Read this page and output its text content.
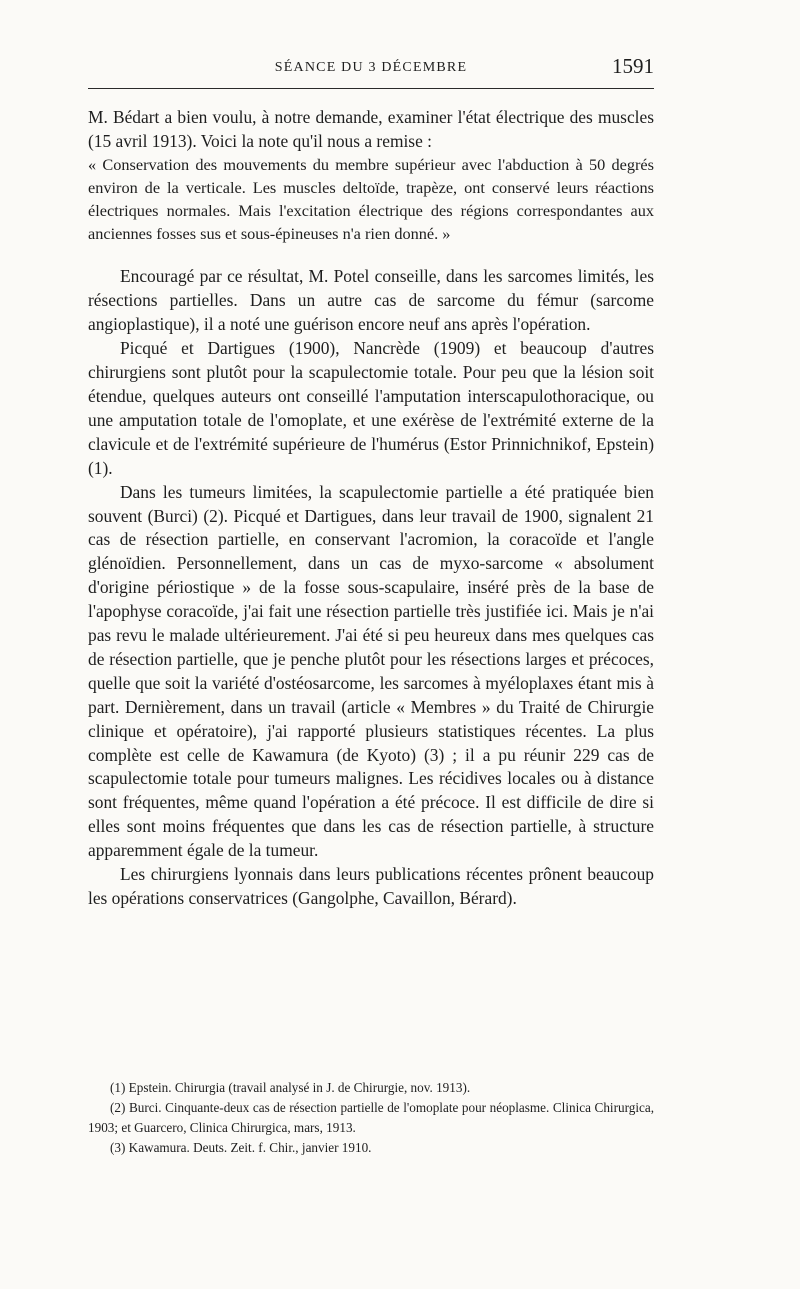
SÉANCE DU 3 DÉCEMBRE	1591

M. Bédart a bien voulu, à notre demande, examiner l'état électrique des muscles (15 avril 1913). Voici la note qu'il nous a remise :

« Conservation des mouvements du membre supérieur avec l'abduction à 50 degrés environ de la verticale. Les muscles deltoïde, trapèze, ont conservé leurs réactions électriques normales. Mais l'excitation électrique des régions correspondantes aux anciennes fosses sus et sous-épineuses n'a rien donné. »

Encouragé par ce résultat, M. Potel conseille, dans les sarcomes limités, les résections partielles. Dans un autre cas de sarcome du fémur (sarcome angioplastique), il a noté une guérison encore neuf ans après l'opération.

Picqué et Dartigues (1900), Nancrède (1909) et beaucoup d'autres chirurgiens sont plutôt pour la scapulectomie totale. Pour peu que la lésion soit étendue, quelques auteurs ont conseillé l'amputation interscapulothoracique, ou une amputation totale de l'omoplate, et une exérèse de l'extrémité externe de la clavicule et de l'extrémité supérieure de l'humérus (Estor Prinnichnikof, Epstein) (1).

Dans les tumeurs limitées, la scapulectomie partielle a été pratiquée bien souvent (Burci) (2). Picqué et Dartigues, dans leur travail de 1900, signalent 21 cas de résection partielle, en conservant l'acromion, la coracoïde et l'angle glénoïdien. Personnellement, dans un cas de myxo-sarcome « absolument d'origine périostique » de la fosse sous-scapulaire, inséré près de la base de l'apophyse coracoïde, j'ai fait une résection partielle très justifiée ici. Mais je n'ai pas revu le malade ultérieurement. J'ai été si peu heureux dans mes quelques cas de résection partielle, que je penche plutôt pour les résections larges et précoces, quelle que soit la variété d'ostéosarcome, les sarcomes à myéloplaxes étant mis à part. Dernièrement, dans un travail (article « Membres » du Traité de Chirurgie clinique et opératoire), j'ai rapporté plusieurs statistiques récentes. La plus complète est celle de Kawamura (de Kyoto) (3) ; il a pu réunir 229 cas de scapulectomie totale pour tumeurs malignes. Les récidives locales ou à distance sont fréquentes, même quand l'opération a été précoce. Il est difficile de dire si elles sont moins fréquentes que dans les cas de résection partielle, à structure apparemment égale de la tumeur.

Les chirurgiens lyonnais dans leurs publications récentes prônent beaucoup les opérations conservatrices (Gangolphe, Cavaillon, Bérard).

(1) Epstein. Chirurgia (travail analysé in J. de Chirurgie, nov. 1913).

(2) Burci. Cinquante-deux cas de résection partielle de l'omoplate pour néoplasme. Clinica Chirurgica, 1903; et Guarcero, Clinica Chirurgica, mars, 1913.

(3) Kawamura. Deuts. Zeit. f. Chir., janvier 1910.
